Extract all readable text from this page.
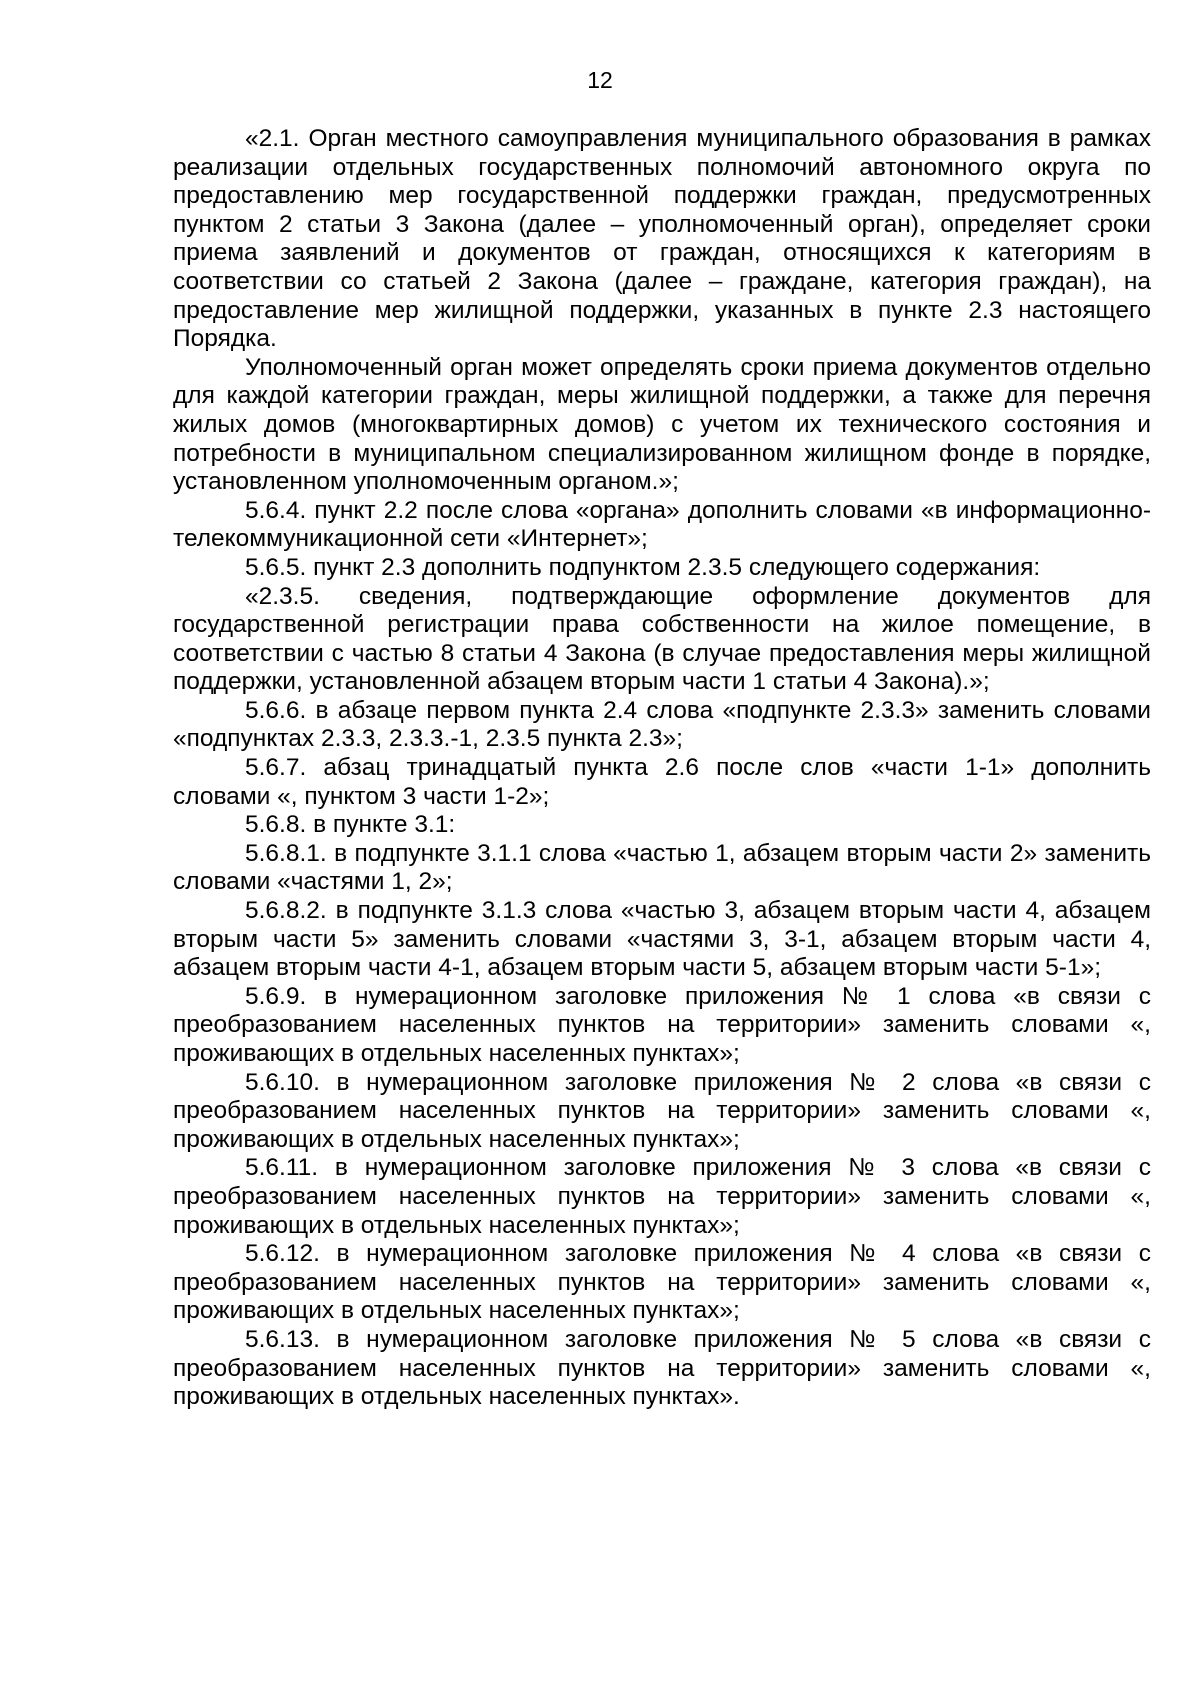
12

«2.1. Орган местного самоуправления муниципального образования в рамках реализации отдельных государственных полномочий автономного округа по предоставлению мер государственной поддержки граждан, предусмотренных пунктом 2 статьи 3 Закона (далее – уполномоченный орган), определяет сроки приема заявлений и документов от граждан, относящихся к категориям в соответствии со статьей 2 Закона (далее – граждане, категория граждан), на предоставление мер жилищной поддержки, указанных в пункте 2.3 настоящего Порядка.

Уполномоченный орган может определять сроки приема документов отдельно для каждой категории граждан, меры жилищной поддержки, а также для перечня жилых домов (многоквартирных домов) с учетом их технического состояния и потребности в муниципальном специализированном жилищном фонде в порядке, установленном уполномоченным органом.»;

5.6.4. пункт 2.2 после слова «органа» дополнить словами «в информационно-телекоммуникационной сети «Интернет»;

5.6.5. пункт 2.3 дополнить подпунктом 2.3.5 следующего содержания:

«2.3.5. сведения, подтверждающие оформление документов для государственной регистрации права собственности на жилое помещение, в соответствии с частью 8 статьи 4 Закона (в случае предоставления меры жилищной поддержки, установленной абзацем вторым части 1 статьи 4 Закона).»;

5.6.6. в абзаце первом пункта 2.4 слова «подпункте 2.3.3» заменить словами «подпунктах 2.3.3, 2.3.3.-1, 2.3.5 пункта 2.3»;

5.6.7. абзац тринадцатый пункта 2.6 после слов «части 1-1» дополнить словами «, пунктом 3 части 1-2»;

5.6.8. в пункте 3.1:

5.6.8.1. в подпункте 3.1.1 слова «частью 1, абзацем вторым части 2» заменить словами «частями 1, 2»;

5.6.8.2. в подпункте 3.1.3 слова «частью 3, абзацем вторым части 4, абзацем вторым части 5» заменить словами «частями 3, 3-1, абзацем вторым части 4, абзацем вторым части 4-1, абзацем вторым части 5, абзацем вторым части 5-1»;

5.6.9. в нумерационном заголовке приложения № 1 слова «в связи с преобразованием населенных пунктов на территории» заменить словами «, проживающих в отдельных населенных пунктах»;

5.6.10. в нумерационном заголовке приложения № 2 слова «в связи с преобразованием населенных пунктов на территории» заменить словами «, проживающих в отдельных населенных пунктах»;

5.6.11. в нумерационном заголовке приложения № 3 слова «в связи с преобразованием населенных пунктов на территории» заменить словами «, проживающих в отдельных населенных пунктах»;

5.6.12. в нумерационном заголовке приложения № 4 слова «в связи с преобразованием населенных пунктов на территории» заменить словами «, проживающих в отдельных населенных пунктах»;

5.6.13. в нумерационном заголовке приложения № 5 слова «в связи с преобразованием населенных пунктов на территории» заменить словами «, проживающих в отдельных населенных пунктах».
